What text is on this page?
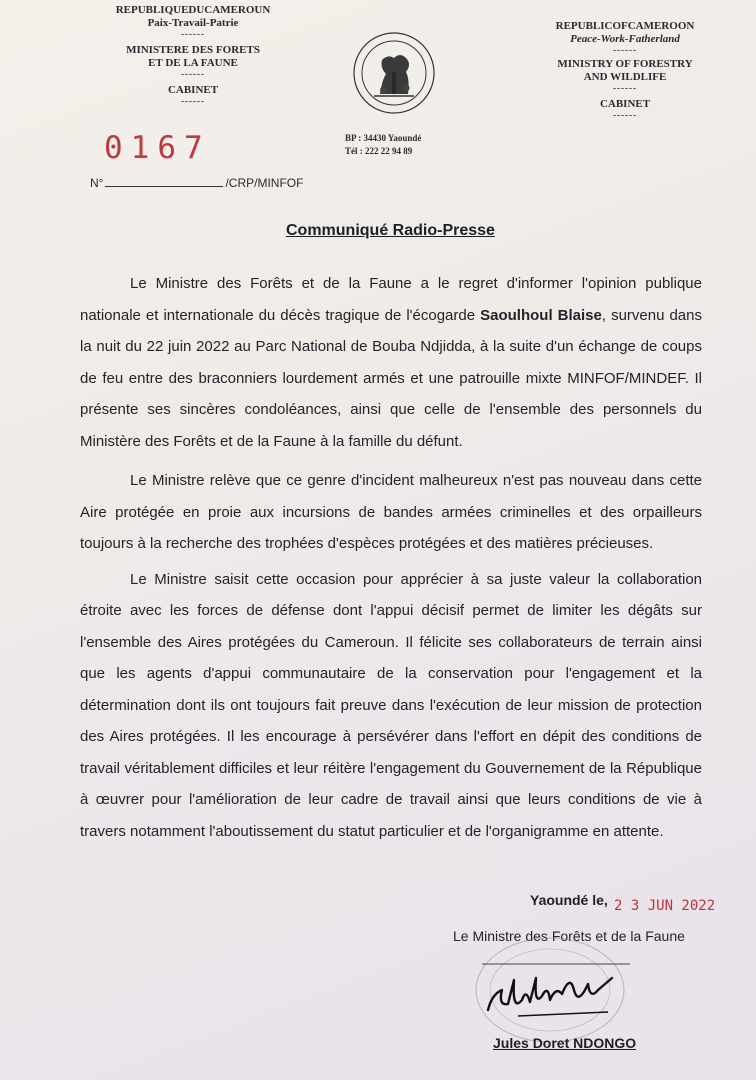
REPUBLIQUEDUCAMEROUN
Paix-Travail-Patrie
------
MINISTERE DES FORETS
ET DE LA FAUNE
------
CABINET
------
BP : 34430 Yaoundé
Tél : 222 22 94 89
REPUBLICOFCAMEROON
Peace-Work-Fatherland
------
MINISTRY OF FORESTRY
AND WILDLIFE
------
CABINET
------
0167
N°	/CRP/MINFOF
Communiqué Radio-Presse

Le Ministre des Forêts et de la Faune a le regret d'informer l'opinion publique nationale et internationale du décès tragique de l'écogarde Saoulhoul Blaise, survenu dans la nuit du 22 juin 2022 au Parc National de Bouba Ndjidda, à la suite d'un échange de coups de feu entre des braconniers lourdement armés et une patrouille mixte MINFOF/MINDEF. Il présente ses sincères condoléances, ainsi que celle de l'ensemble des personnels du Ministère des Forêts et de la Faune à la famille du défunt.

Le Ministre relève que ce genre d'incident malheureux n'est pas nouveau dans cette Aire protégée en proie aux incursions de bandes armées criminelles et des orpailleurs toujours à la recherche des trophées d'espèces protégées et des matières précieuses.

Le Ministre saisit cette occasion pour apprécier à sa juste valeur la collaboration étroite avec les forces de défense dont l'appui décisif permet de limiter les dégâts sur l'ensemble des Aires protégées du Cameroun. Il félicite ses collaborateurs de terrain ainsi que les agents d'appui communautaire de la conservation pour l'engagement et la détermination dont ils ont toujours fait preuve dans l'exécution de leur mission de protection des Aires protégées. Il les encourage à persévérer dans l'effort en dépit des conditions de travail véritablement difficiles et leur réitère l'engagement du Gouvernement de la République à œuvrer pour l'amélioration de leur cadre de travail ainsi que leurs conditions de vie à travers notamment l'aboutissement du statut particulier et de l'organigramme en attente.

Yaoundé le, 2 3 JUN 2022
Le Ministre des Forêts et de la Faune
Jules Doret NDONGO
